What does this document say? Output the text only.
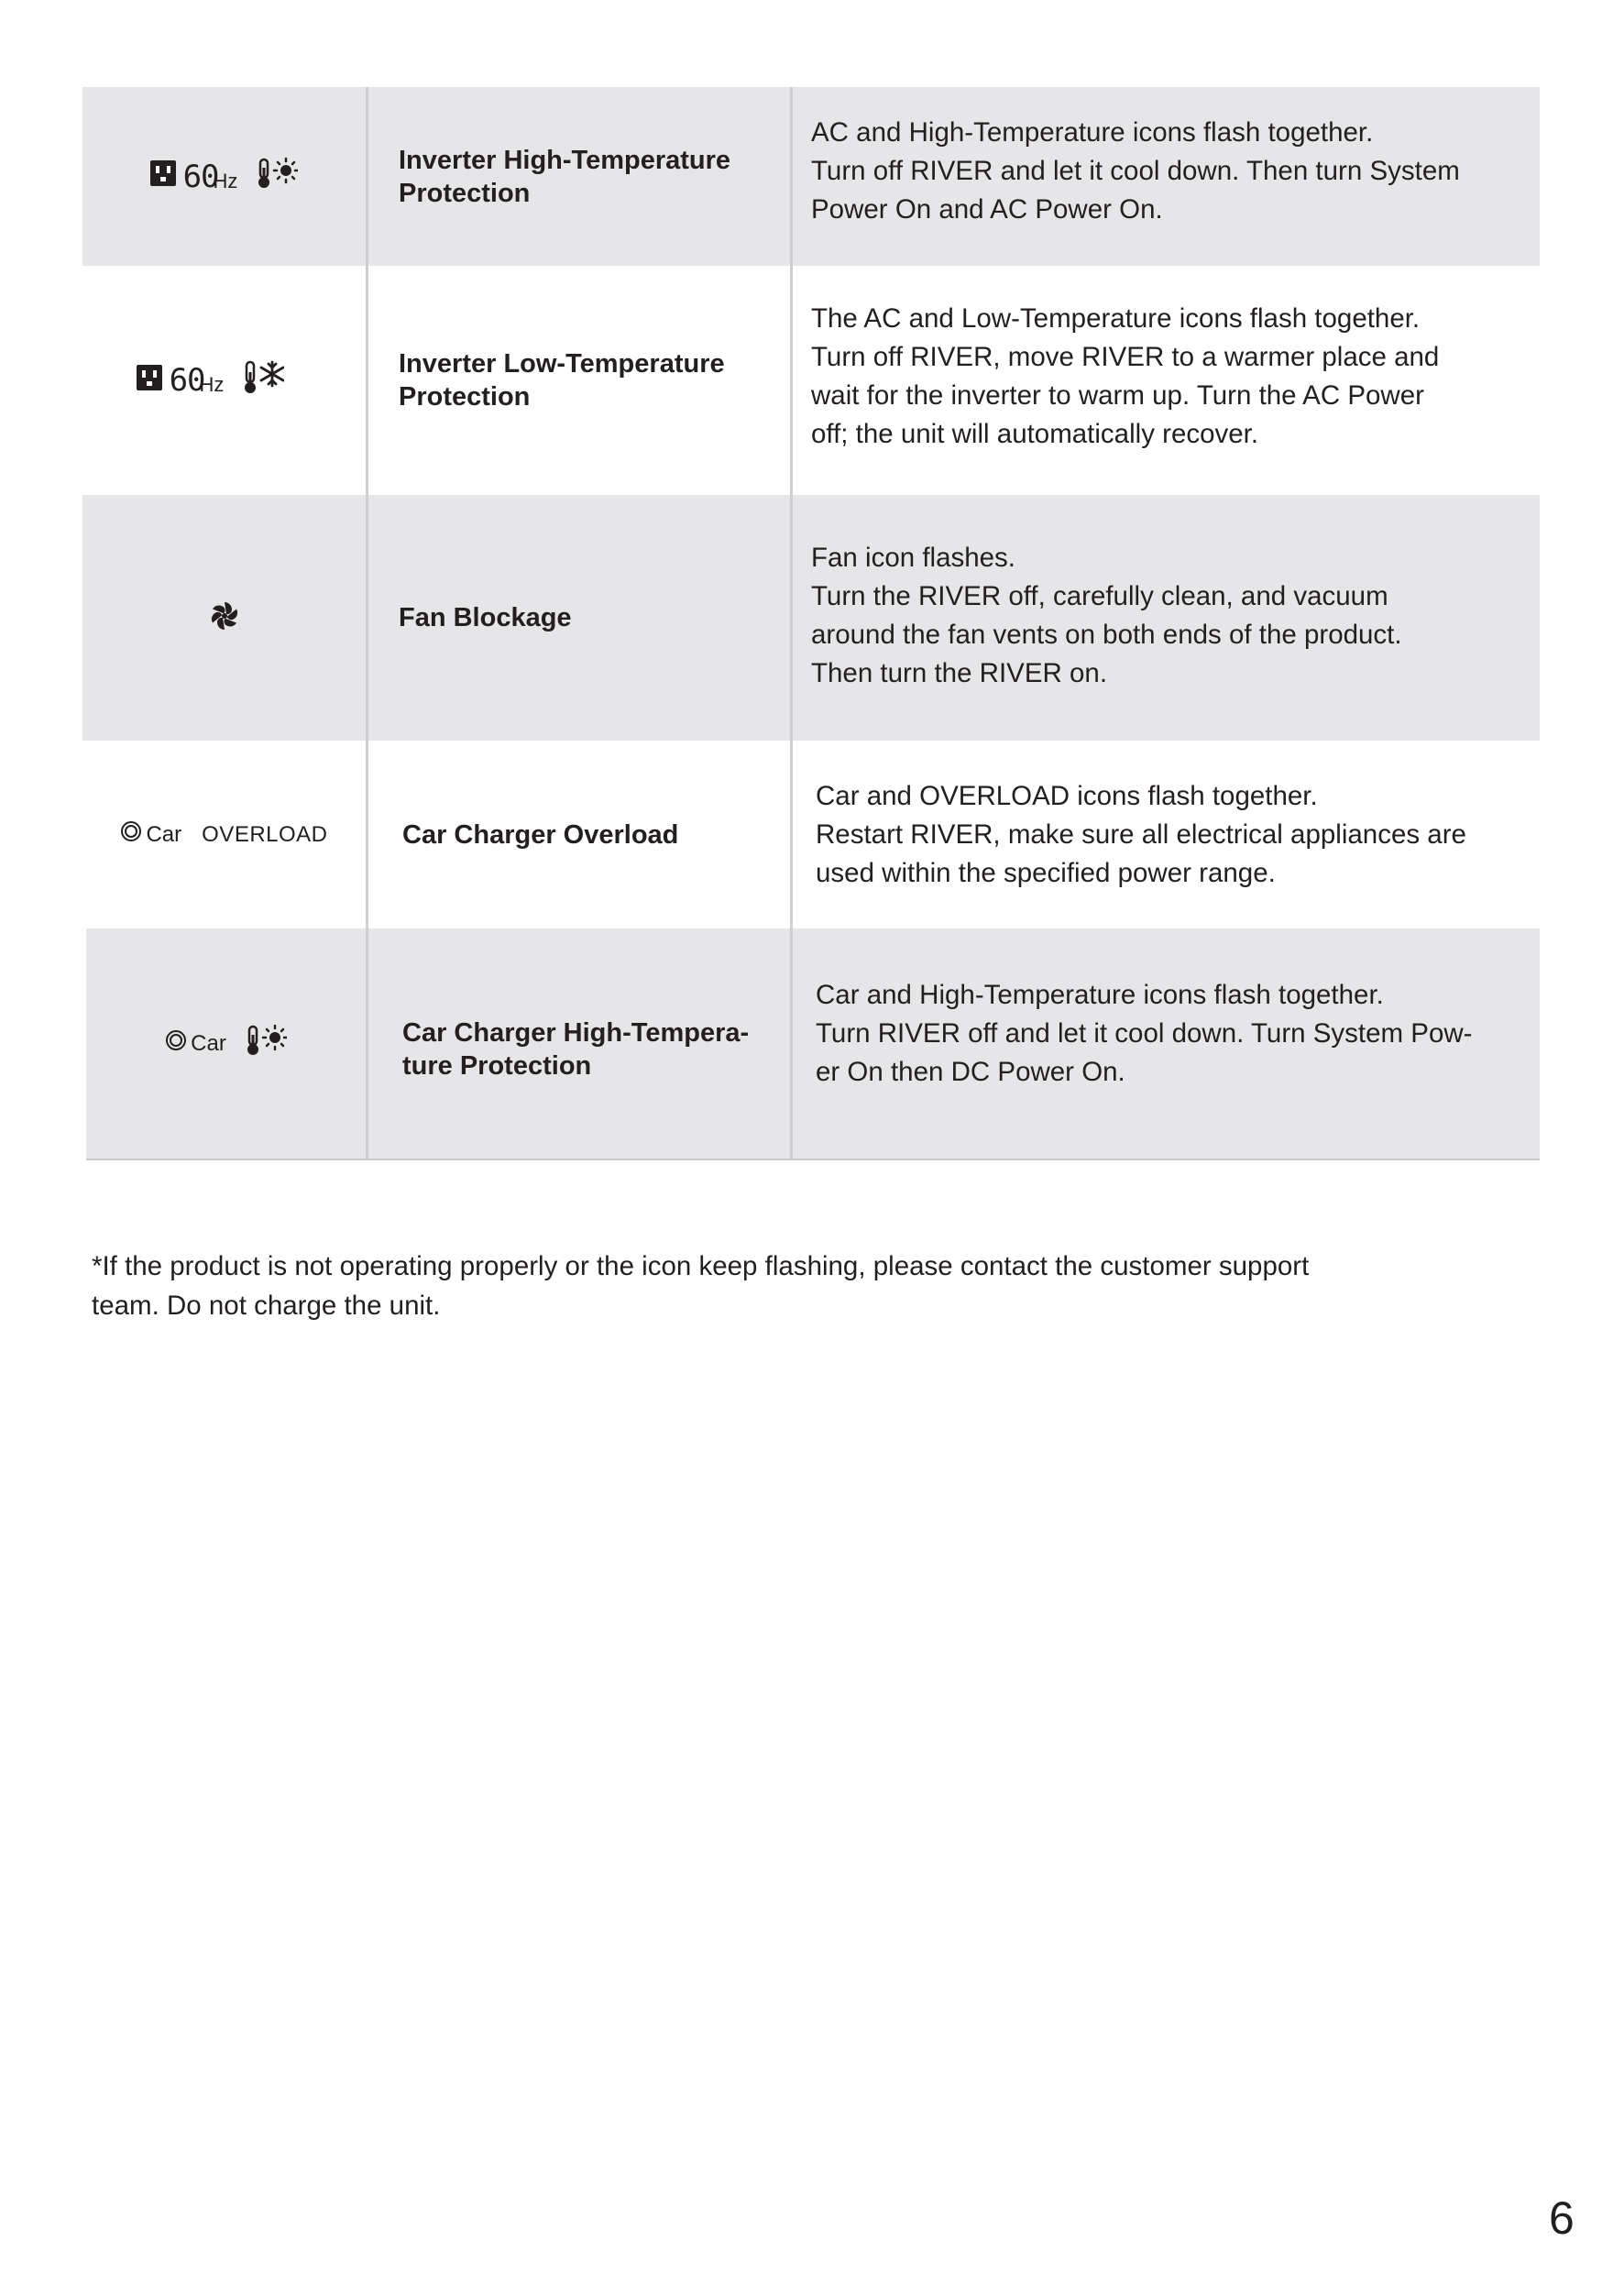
60
Hz
Inverter High-Temperature
Protection
AC and High-Temperature icons flash together.
Turn off RIVER and let it cool down. Then turn System
Power On and AC Power On.
60
Hz
Inverter Low-Temperature
Protection
The AC and Low-Temperature icons flash together.
Turn off RIVER, move RIVER to a warmer place and
wait for the inverter to warm up. Turn the AC Power
off; the unit will automatically recover.
Fan Blockage
Fan icon flashes.
Turn the RIVER off, carefully clean, and vacuum
around the fan vents on both ends of the product.
Then turn the RIVER on.
Car OVERLOAD	Car Charger Overload
Car and OVERLOAD icons flash together.
Restart RIVER, make sure all electrical appliances are
used within the specified power range.
Car	Car Charger High-Tempera-
ture Protection
Car and High-Temperature icons flash together.
Turn RIVER off and let it cool down. Turn System Pow-
er On then DC Power On.
*If the product is not operating properly or the icon keep flashing, please contact the customer support
team. Do not charge the unit.
6
